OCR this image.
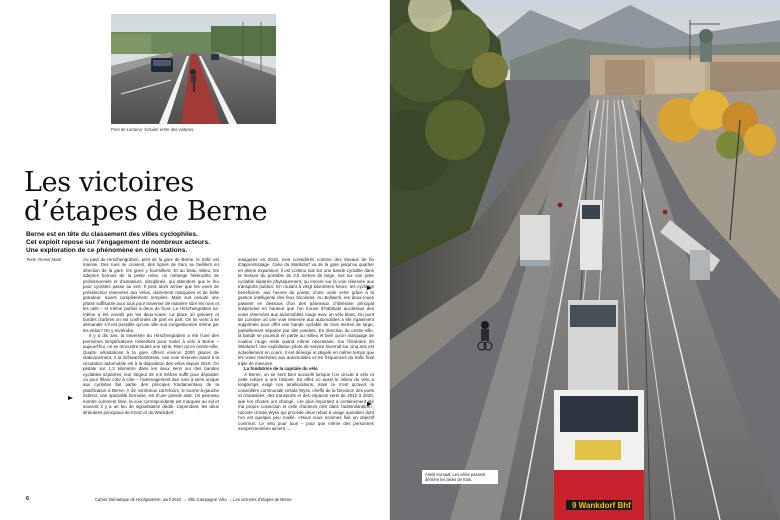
Pont de Lorraine: Cirkuler entre des voitures.
Les victoires
d’étapes de Berne
Berne est en tête du classement des villes cyclophiles.
Cet exploit repose sur l’engagement de nombreux acteurs.
Une exploration de ce phénomène en cinq stations.
Texte: Reiner Marti	Au pied du Hirschengraben, près de la gare de Berne, le trafic est intense. Des rues se croisent, des lignes de tram se faufilent en direction de la gare, les gens y fourmillent. Et au beau milieu, les adeptes bornois de la petite reine, un mélange hétéroclite de professionnels et d’amateurs, disciplinés, qui attendent que le feu pour cyclistes passe au vert. Il peut alors arriver que les voies de présélection réservées aux vélos, clairement marquées et de belle grandeur, soient complètement remplies. Mais suit ensuite une phase suffisante pour tous pour traverser de manière sûre les rues et les rails – et même parfois à deux de front. Le Hirschengraben lui-même a été envahi par les deux-roues. La place où graviers et bordés d’arbres on est confrontés de part en part. On se vient à se demander s’il est possible qu’une ville soit congestionnée même par les vélos? On y reviendra.

Il y a dix ans, la traversée du Hirschengraben a été l’une des premières simplifications ressenties pour rouler à vélo à Berne – aujourd’hui, on se rencontre toutes une série. Rien qu’en centre-ville. Quatre vélostations à la gare offrent environ 2000 places de stationnement. À la Schwarztorstrasse, une voie réservée avant à la circulation automobile est à la disposition des vélos depuis 2019. On pédale sur 1,3 kilomètre dans les deux sens sur des bandes cyclables séparées; leur largeur de 2,5 mètres suffit pour dépasser ou pour flâner côte à côte – l’aménagement des rues à sens unique aux cyclistes fait partie des principes fondamentaux de la planification à Berne. À de nombreux carrefours, le tourne-à-gauche indirect, une spécialité bernoise, est d’une grande aide. Un panneau montre comment faire, la voie correspondante est marquée au sol et souvent il y a un feu de signalisation dédié. Cependant, les deux itinéraires principaux de Köniz et du Wankdorf,

inaugurés en 2016, sont considérés comme des travaux de fin d’apprentissage. Celui du Wankdorf va de la gare jusqu’au quartier en pleine expansion: il est continu soit sur une bande cyclable dans la mesure du possible de 2,5 mètres de large, soit sur une piste cyclable séparée physiquement, ou encore sur la voie réservée aux transports publics. En roulant à vingt kilomètres heure, les cyclistes bénéficient, aux heures de pointe, d’une onde verte grâce à la gestion intelligente des feux tricolores. Au Bollwerk, les deux-roues passent en dessous d’un des panneaux d’itinéraire principal suspendus en hauteur que l’on trouve d’habitude au-dessus des voies réservées aux automobiles rouge avec un vélo blanc. Du pont de Lorraine où une voie réservée aux automobiles a été également supprimée pour offrir une bande cyclable de trois mètres de large, partiellement séparée par des potelets. En direction du centre-ville, la bande se poursuit en partie au milieu et bien qu’un marquage de couleur rouge reste quand même nécessaire. Sur l’itinéraire du Wankdorf, une exploitation pilote de service hivernal sur cinq ans est actuellement en cours. Il est déneigé et dégelé en même temps que les voies réservées aux automobiles et les fréquences du trafic final triple de mesures.

La fondatrice de la capitale du vélo

À Berne, on se sent bien accueilli lorsque l’on circule à vélo et cette culture a une histoire. En effet, ici aussi le milieu du vélo a longtemps exigé ces améliorations, mais ce n’est qu’avec la conseillère communale Ursula Wyss, cheffe de la Direction des ports et chaussées, des transports et des espaces verts de 2012 à 2020, que les choses ont changé. «Je plus important a certainement été ma propre conviction et celle d’acteurs clés dans l’administration», raconte Ursula Wyss qui procède deux rebus à usage quotidien dont l’un est quelque peu rouillé. «Nous nous sommes fixé un objectif commun: Le vélo pour tous – pour que même des personnes inexpérimentées aiment →

6	Cahier thématique de Hochparterre, avril 2022 → Ville Campagne Vélo → Les victoires d’étapes de Berne
9 Wankdorf Bhf
Annitl Kursaal: Les vélos passent derrière les aisés de tram.
